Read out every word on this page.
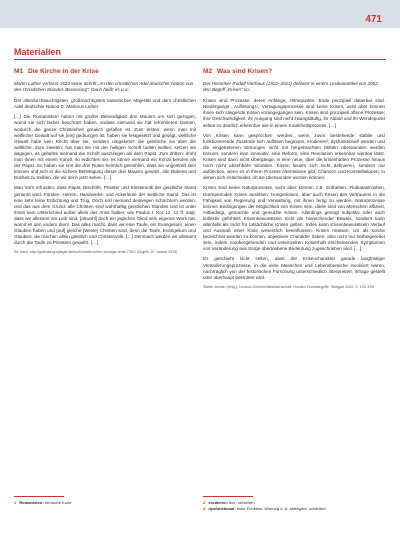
471
Materialien
M1 Die Kirche in der Krise

Martin Luther verfasst 1520 seine Schrift „An den christlichen Adel deutscher Nation von des christlichen Standes Besserung“. Darin heißt es u.a.:

Der allerdurchlauchtigsten, großmächtigsten kaiserlichen Majestät und dem christlichen Adel deutscher Nation D. Martinus Luther.

[…] Die Romanisten¹ haben mit großer Behendigkeit drei Mauern um sich gezogen, womit sie sich bisher beschützt haben, sodass niemand sie hat reformieren können, wodurch die ganze Christenheit greulich gefallen ist. Zum ersten: wenn man mit weltlicher Gewalt auf sie [ein] gedrungen ist, haben sie festgesetzt und gesagt, weltliche Gewalt habe kein Recht über sie, sondern umgekehrt: die geistliche sei über die weltliche. Zum zweiten: hat man sie mit der heiligen Schrift tadeln wollen, setzen sie dagegen, es gebühre niemand die Schrift auszulegen als dem Papst. Zum dritten: droht man ihnen mit einem Konzil, so erdichten sie, es könne niemand ein Konzil berufen als der Papst. So haben sie uns die drei Ruten heimlich gestohlen, dass sie ungestraft sein können und sich in die sichere Befestigung dieser drei Mauern gesetzt, alle Büberei und Bosheit zu treiben, die wir denn jetzt sehen. […]

Man hat's erfunden, dass Papst, Bischöfe, Priester und Klostervolk der geistliche Stand genannt wird, Fürsten, Herren, Handwerks- und Ackerleute der weltliche Stand. Das ist eine sehr feine Erdichtung und Trug. Doch soll niemand deswegen schüchtern werden, und das aus dem Grund: alle Christen sind wahrhaftig geistlichen Standes und ist unter ihnen kein Unterschied außer allein des Amts halber, wie Paulus I. Kor 12, 12 ff. sagt, dass wir allesamt ein Leib sind, [obwohl] doch ein jegliches Glied sein eigenes Werk hat, womit es den andern dient. Das alles macht, dass wir eine Taufe, ein Evangelium, einen Glauben haben und [auf] gleiche [Weise] Christen sind, denn die Taufe, Evangelium und Glauben, die machen allein geistlich und Christenvolk. […] Demnach werden wir allesamt durch die Taufe zu Priestern geweiht. […]

Zit. nach: http://gutenberg.spiegel.de/buch/martin-luther-sozialge-texte-7301/ (Zugriff: 10. Januar 2015)
M2 Was sind Krisen?

Der Historiker Rudolf Vierhaus (1922–2011) definiert in einem Lexikonartikel von 2002 den Begriff „Krisen“ so:

Krisen sind Prozesse, deren Anfänge, Höhepunkte, Ende prinzipiell datierbar sind. Niedergangs-, Auflösungs-, Vertagungsprozesse sind keine Krisen, wohl aber können ihnen sich steigende Krisen vorangegangen sein. Krisen sind prinzipiell offene Prozesse; ihre Geschwindigkeit, ihr Ausgang sind nicht zwangsläufig, ihr Ablauf und ihr Wendepunkt selten so deutlich erkennbar wie in einem Krankheitsprozess. […]

Von Krisen kann gesprochen werden, wenn zuvor bestehende stabile und funktionierende Zustände sich auflösen beginnen, erodieren², dysfunktional³ werden und die eingetretenen Störungen nicht mit hergebrachten Mitteln überwunden werden können, sondern eine innovativ, eine Reform, eine Revolution erkennbar werden lässt. Krisen sind dann nicht Übergänge, in eine neue, über die krisenhaften Prozesse hinaus noch nicht absehbare Situation. Krisen lassen sich nicht definieren, sondern nur aufdecken, wenn es in ihrem Prozess Alternativen gibt, Chancen und Konstellationen, in denen sich entscheidet, ob sie überwunden werden können.

Krisen sind keine Naturprozesse, wohl aber können z.B. Erdbeben, Flutkatastrophen, Dürreperioden Krisen auslösen: Hungerkrisen, aber auch Krisen des Vertrauens in die Fähigkeit von Regierung und Verwaltung, mit ihnen fertig zu werden. Naturprozesse können Bedingungen der Möglichkeit von Krisen sein, diese sind von Menschen affiziert, mitbedingt, gemachte und gemutzte Krisen. Allerdings genügt subjektiv oder auch kollektiv gefühltes Krisenbewusstsein nicht als hinreichender Beweis, sondern kann allenfalls als Indiz für tatsächliche Krisen gelten. Indes kann Krisenbewusstsein Verlauf und Ausmaß einer Krise wesentlich beeinflussen. Krisen müssen, um als solche bezeichnet werden zu können, objektiven Charakter haben, also nicht nur herbeigeredet sein, indem vorübergehenden und vereinzelten Krisenhaft erscheinenden Symptomen von Veränderung aus Sorge übertriebene Bedeutung zugeschrieben wird. […]

Es geschieht nicht selten, dass der Krisencharakter gerade langfristiger Veränderungsprozesse, in die viele Menschen und Lebensbereiche involviert waren, nachträglich von der historischen Forschung unterschiedlich interpretiert, infrage gestellt oder überhaupt bestritten wird.

Stefan Jordan (Hrsg.), Lexikon Geschichtswissenschaft. Hundert Grundbegriffe, Stuttgart 2002, S. 193–195
1 Romanisten: römische Kurie	2 erodieren: hier: zerstören
3 dysfunktional: einer Funktion, Wirkung o. Ä. abträglich, schädlich
